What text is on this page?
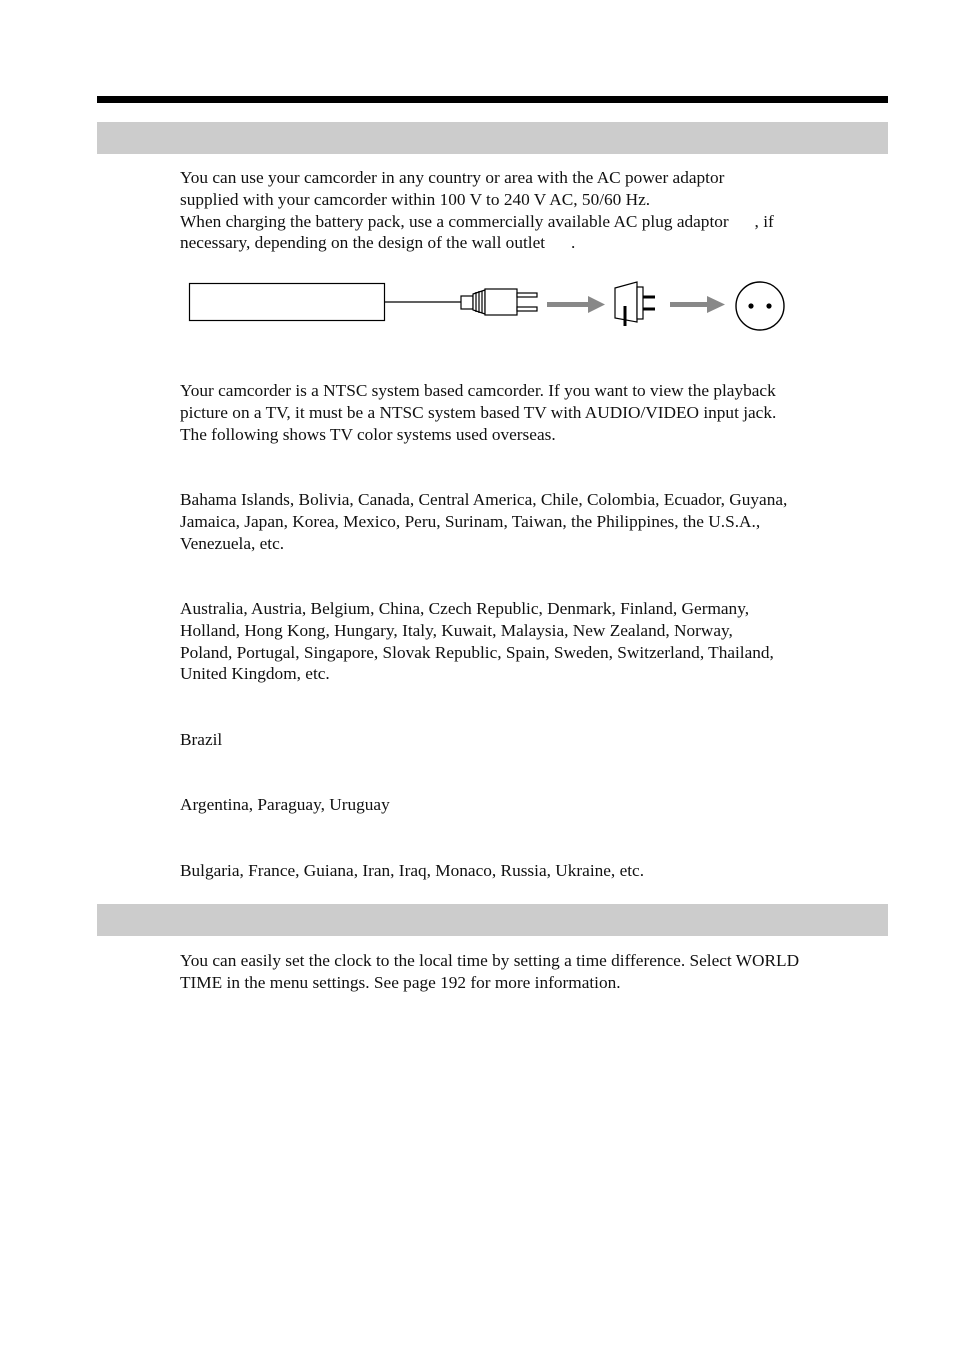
You can use your camcorder in any country or area with the AC power adaptor
supplied with your camcorder within 100 V to 240 V AC, 50/60 Hz.
When charging the battery pack, use a commercially available AC plug adaptor      , if
necessary, depending on the design of the wall outlet      .
Your camcorder is a NTSC system based camcorder. If you want to view the playback
picture on a TV, it must be a NTSC system based TV with AUDIO/VIDEO input jack.
The following shows TV color systems used overseas.
Bahama Islands, Bolivia, Canada, Central America, Chile, Colombia, Ecuador, Guyana,
Jamaica, Japan, Korea, Mexico, Peru, Surinam, Taiwan, the Philippines, the U.S.A.,
Venezuela, etc.
Australia, Austria, Belgium, China, Czech Republic, Denmark, Finland, Germany,
Holland, Hong Kong, Hungary, Italy, Kuwait, Malaysia, New Zealand, Norway,
Poland, Portugal, Singapore, Slovak Republic, Spain, Sweden, Switzerland, Thailand,
United Kingdom, etc.
Brazil
Argentina, Paraguay, Uruguay
Bulgaria, France, Guiana, Iran, Iraq, Monaco, Russia, Ukraine, etc.
You can easily set the clock to the local time by setting a time difference. Select WORLD
TIME in the menu settings. See page 192 for more information.
